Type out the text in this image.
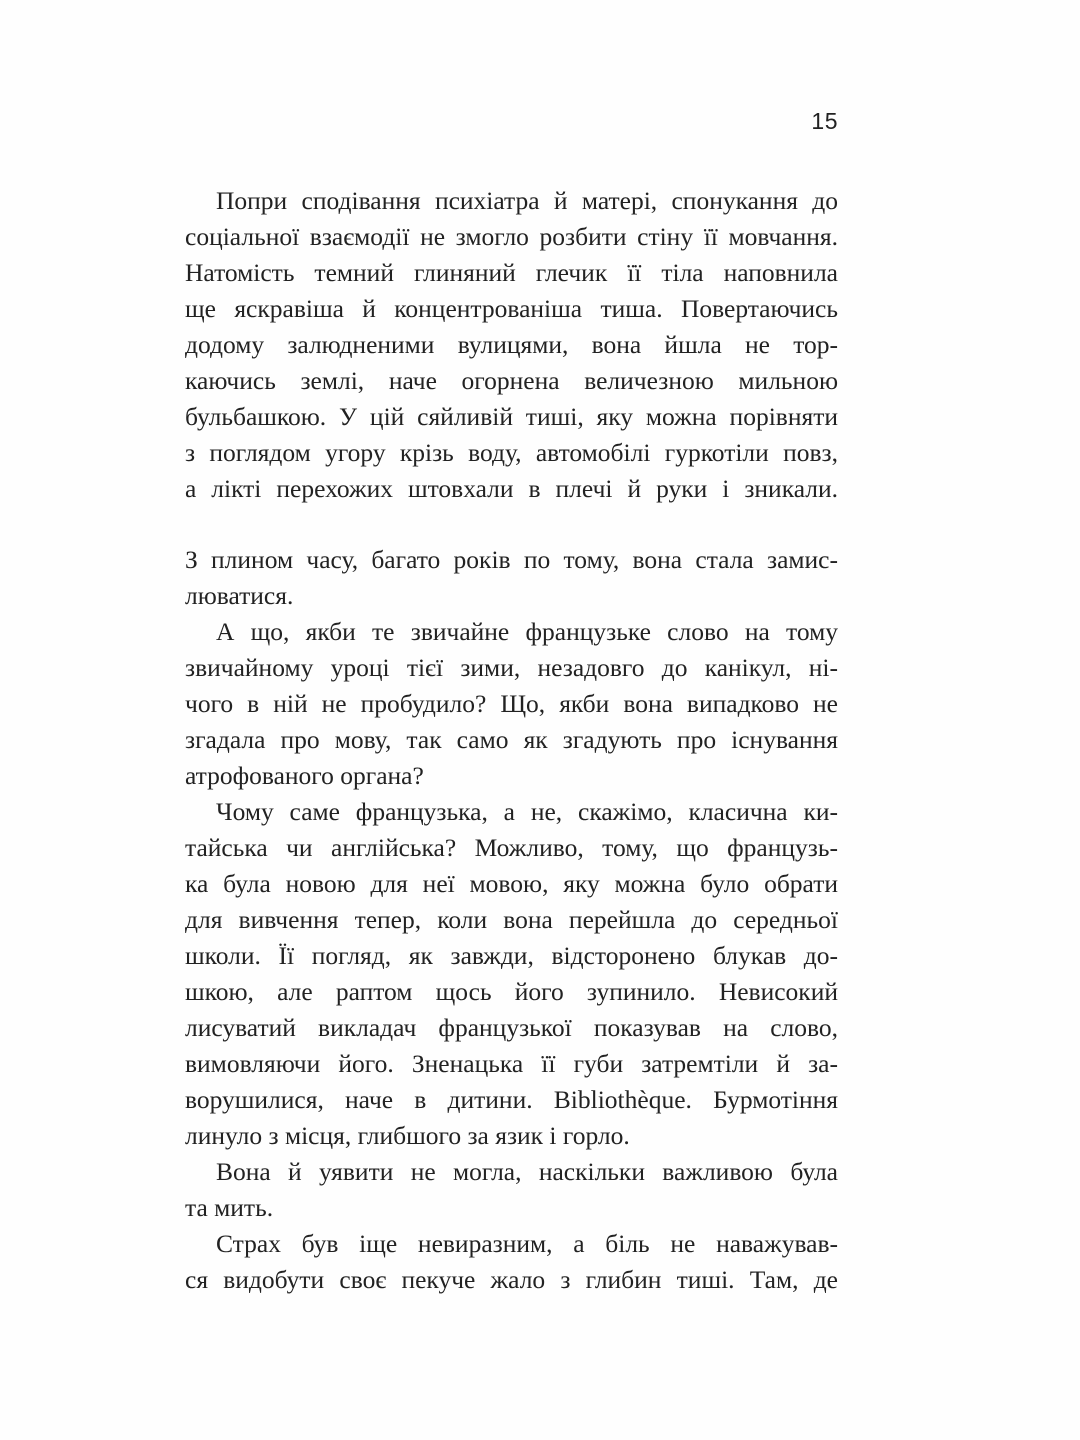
15
Попри сподівання психіатра й матері, спонукання до
соціальної взаємодії не змогло розбити стіну її мовчання.
Натомість темний глиняний глечик її тіла наповнила
ще яскравіша й концентрованіша тиша. Повертаючись
додому залюдненими вулицями, вона йшла не тор-
каючись землі, наче огорнена величезною мильною
бульбашкою. У цій сяйливій тиші, яку можна порівняти
з поглядом угору крізь воду, автомобілі гуркотіли повз,
а лікті перехожих штовхали в плечі й руки і зникали.
З плином часу, багато років по тому, вона стала замис-
люватися.
А що, якби те звичайне французьке слово на тому
звичайному уроці тієї зими, незадовго до канікул, ні-
чого в ній не пробудило? Що, якби вона випадково не
згадала про мову, так само як згадують про існування
атрофованого органа?
Чому саме французька, а не, скажімо, класична ки-
тайська чи англійська? Можливо, тому, що французь-
ка була новою для неї мовою, яку можна було обрати
для вивчення тепер, коли вона перейшла до середньої
школи. Її погляд, як завжди, відсторонено блукав до-
шкою, але раптом щось його зупинило. Невисокий
лисуватий викладач французької показував на слово,
вимовляючи його. Зненацька її губи затремтіли й за-
ворушилися, наче в дитини. Bibliothèque. Бурмотіння
линуло з місця, глибшого за язик і горло.
Вона й уявити не могла, наскільки важливою була
та мить.
Страх був іще невиразним, а біль не наважував-
ся видобути своє пекуче жало з глибин тиші. Там, де
